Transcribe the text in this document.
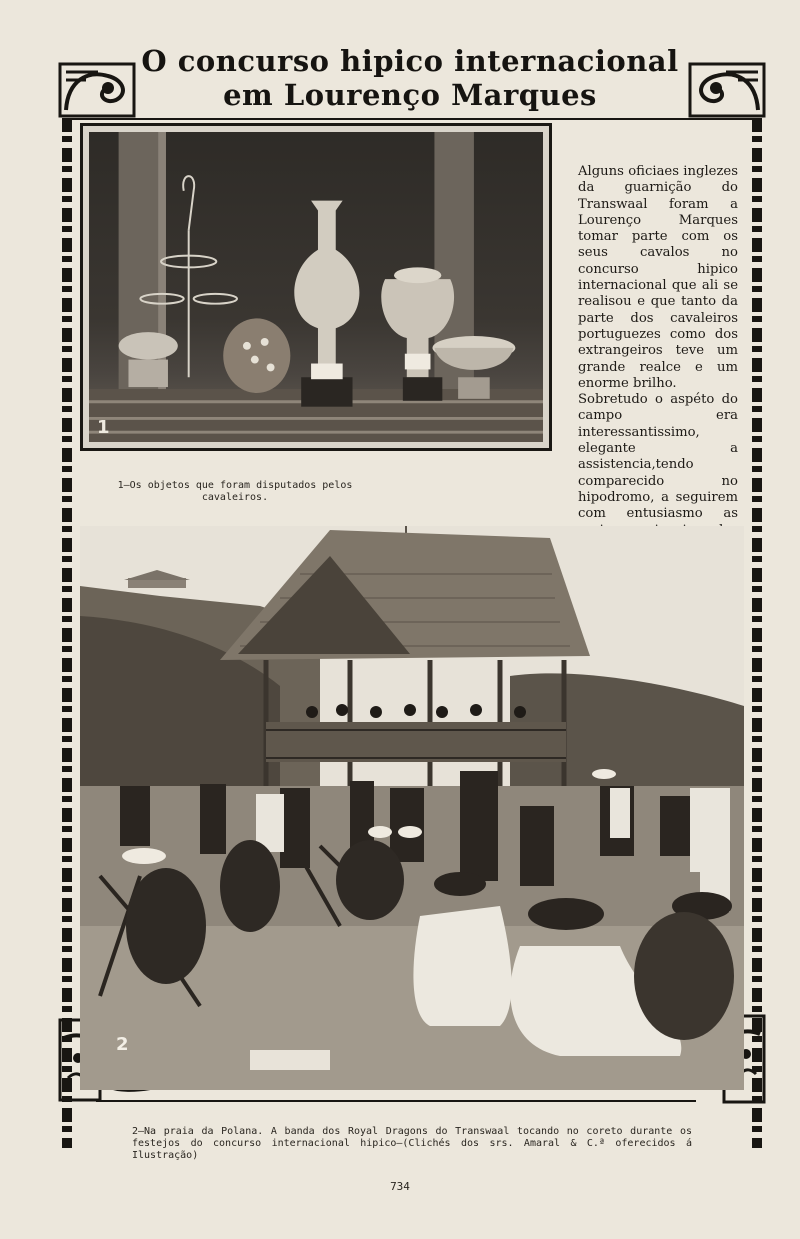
O concurso hipico internacional
em Lourenço Marques
1
1—Os objetos que foram disputados pelos cavaleiros.
Alguns oficiaes inglezes da guarnição do Transwaal foram a Lourenço Marques tomar parte com os seus cavalos no concurso hipico internacional que ali se realisou e que tanto da parte dos cavaleiros portuguezes como dos extrangeiros teve um grande realce e um enorme brilho.
Sobretudo o aspéto do campo era interessantissimo, elegante a assistencia,tendo comparecido no hipodromo, a seguirem com entusiasmo as
2
2—Na praia da Polana. A banda dos Royal Dragons do Transwaal tocando no coreto durante os festejos do concurso internacional hipico—(Clichés dos srs. Amaral & C.ª oferecidos á Ilustração)
734
